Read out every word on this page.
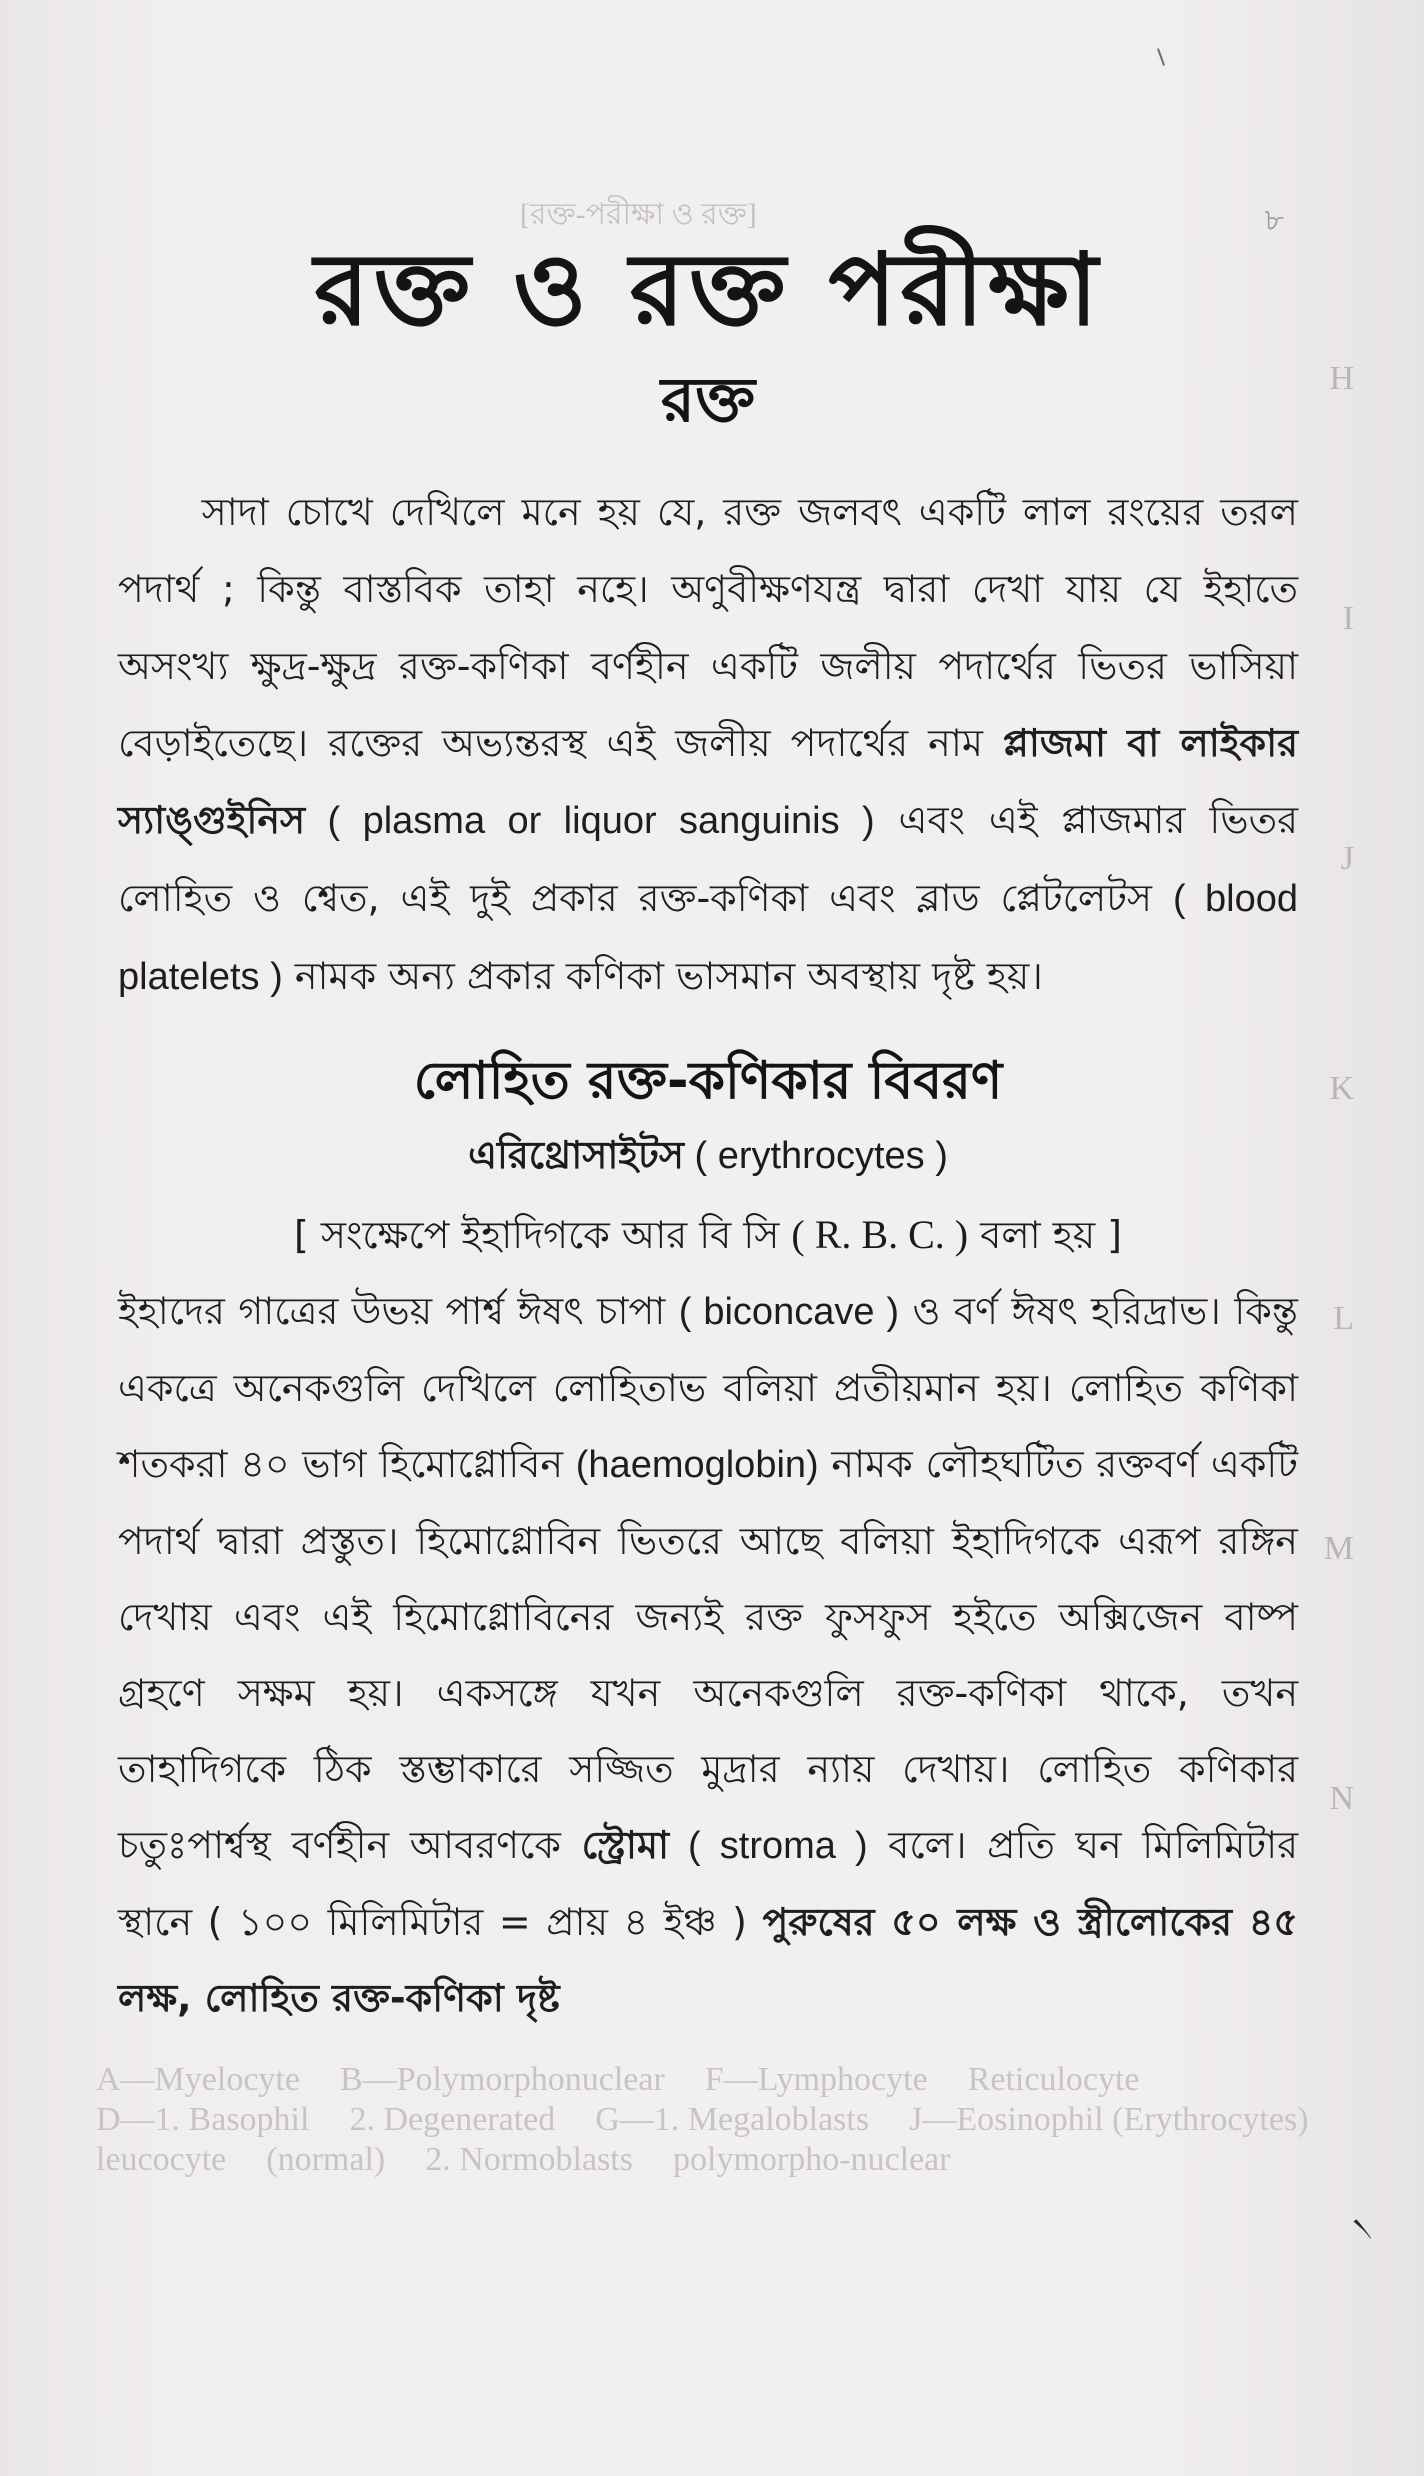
[রক্ত-পরীক্ষা ও রক্ত]	৮
H
I
J
K
L
M
N
A—Myelocyte B—Polymorphonuclear F—Lymphocyte Reticulocyte
D—1. Basophil 2. Degenerated G—1. Megaloblasts J—Eosinophil (Erythrocytes)
leucocyte (normal) 2. Normoblasts polymorpho-nuclear
রক্ত ও রক্ত পরীক্ষা
রক্ত

সাদা চোখে দেখিলে মনে হয় যে, রক্ত জলবৎ একটি লাল রংয়ের তরল পদার্থ ; কিন্তু বাস্তবিক তাহা নহে। অণুবীক্ষণযন্ত্র দ্বারা দেখা যায় যে ইহাতে অসংখ্য ক্ষুদ্র-ক্ষুদ্র রক্ত-কণিকা বর্ণহীন একটি জলীয় পদার্থের ভিতর ভাসিয়া বেড়াইতেছে। রক্তের অভ্যন্তরস্থ এই জলীয় পদার্থের নাম প্লাজমা বা লাইকার স্যাঙ্গুইনিস ( plasma or liquor sanguinis ) এবং এই প্লাজমার ভিতর লোহিত ও শ্বেত, এই দুই প্রকার রক্ত-কণিকা এবং ব্লাড প্লেটলেটস ( blood platelets ) নামক অন্য প্রকার কণিকা ভাসমান অবস্থায় দৃষ্ট হয়।

লোহিত রক্ত-কণিকার বিবরণ
এরিথ্রোসাইটস ( erythrocytes )
[ সংক্ষেপে ইহাদিগকে আর বি সি ( R. B. C. ) বলা হয় ]

ইহাদের গাত্রের উভয় পার্শ্ব ঈষৎ চাপা ( biconcave ) ও বর্ণ ঈষৎ হরিদ্রাভ। কিন্তু একত্রে অনেকগুলি দেখিলে লোহিতাভ বলিয়া প্রতীয়মান হয়। লোহিত কণিকা শতকরা ৪০ ভাগ হিমোগ্লোবিন (haemoglobin) নামক লৌহঘটিত রক্তবর্ণ একটি পদার্থ দ্বারা প্রস্তুত। হিমোগ্লোবিন ভিতরে আছে বলিয়া ইহাদিগকে এরূপ রঙ্গিন দেখায় এবং এই হিমোগ্লোবিনের জন্যই রক্ত ফুসফুস হইতে অক্সিজেন বাষ্প গ্রহণে সক্ষম হয়। একসঙ্গে যখন অনেকগুলি রক্ত-কণিকা থাকে, তখন তাহাদিগকে ঠিক স্তম্ভাকারে সজ্জিত মুদ্রার ন্যায় দেখায়। লোহিত কণিকার চতুঃপার্শ্বস্থ বর্ণহীন আবরণকে স্ট্রোমা ( stroma ) বলে। প্রতি ঘন মিলিমিটার স্থানে ( ১০০ মিলিমিটার = প্রায় ৪ ইঞ্চ ) পুরুষের ৫০ লক্ষ ও স্ত্রীলোকের ৪৫ লক্ষ, লোহিত রক্ত-কণিকা দৃষ্ট

৲
